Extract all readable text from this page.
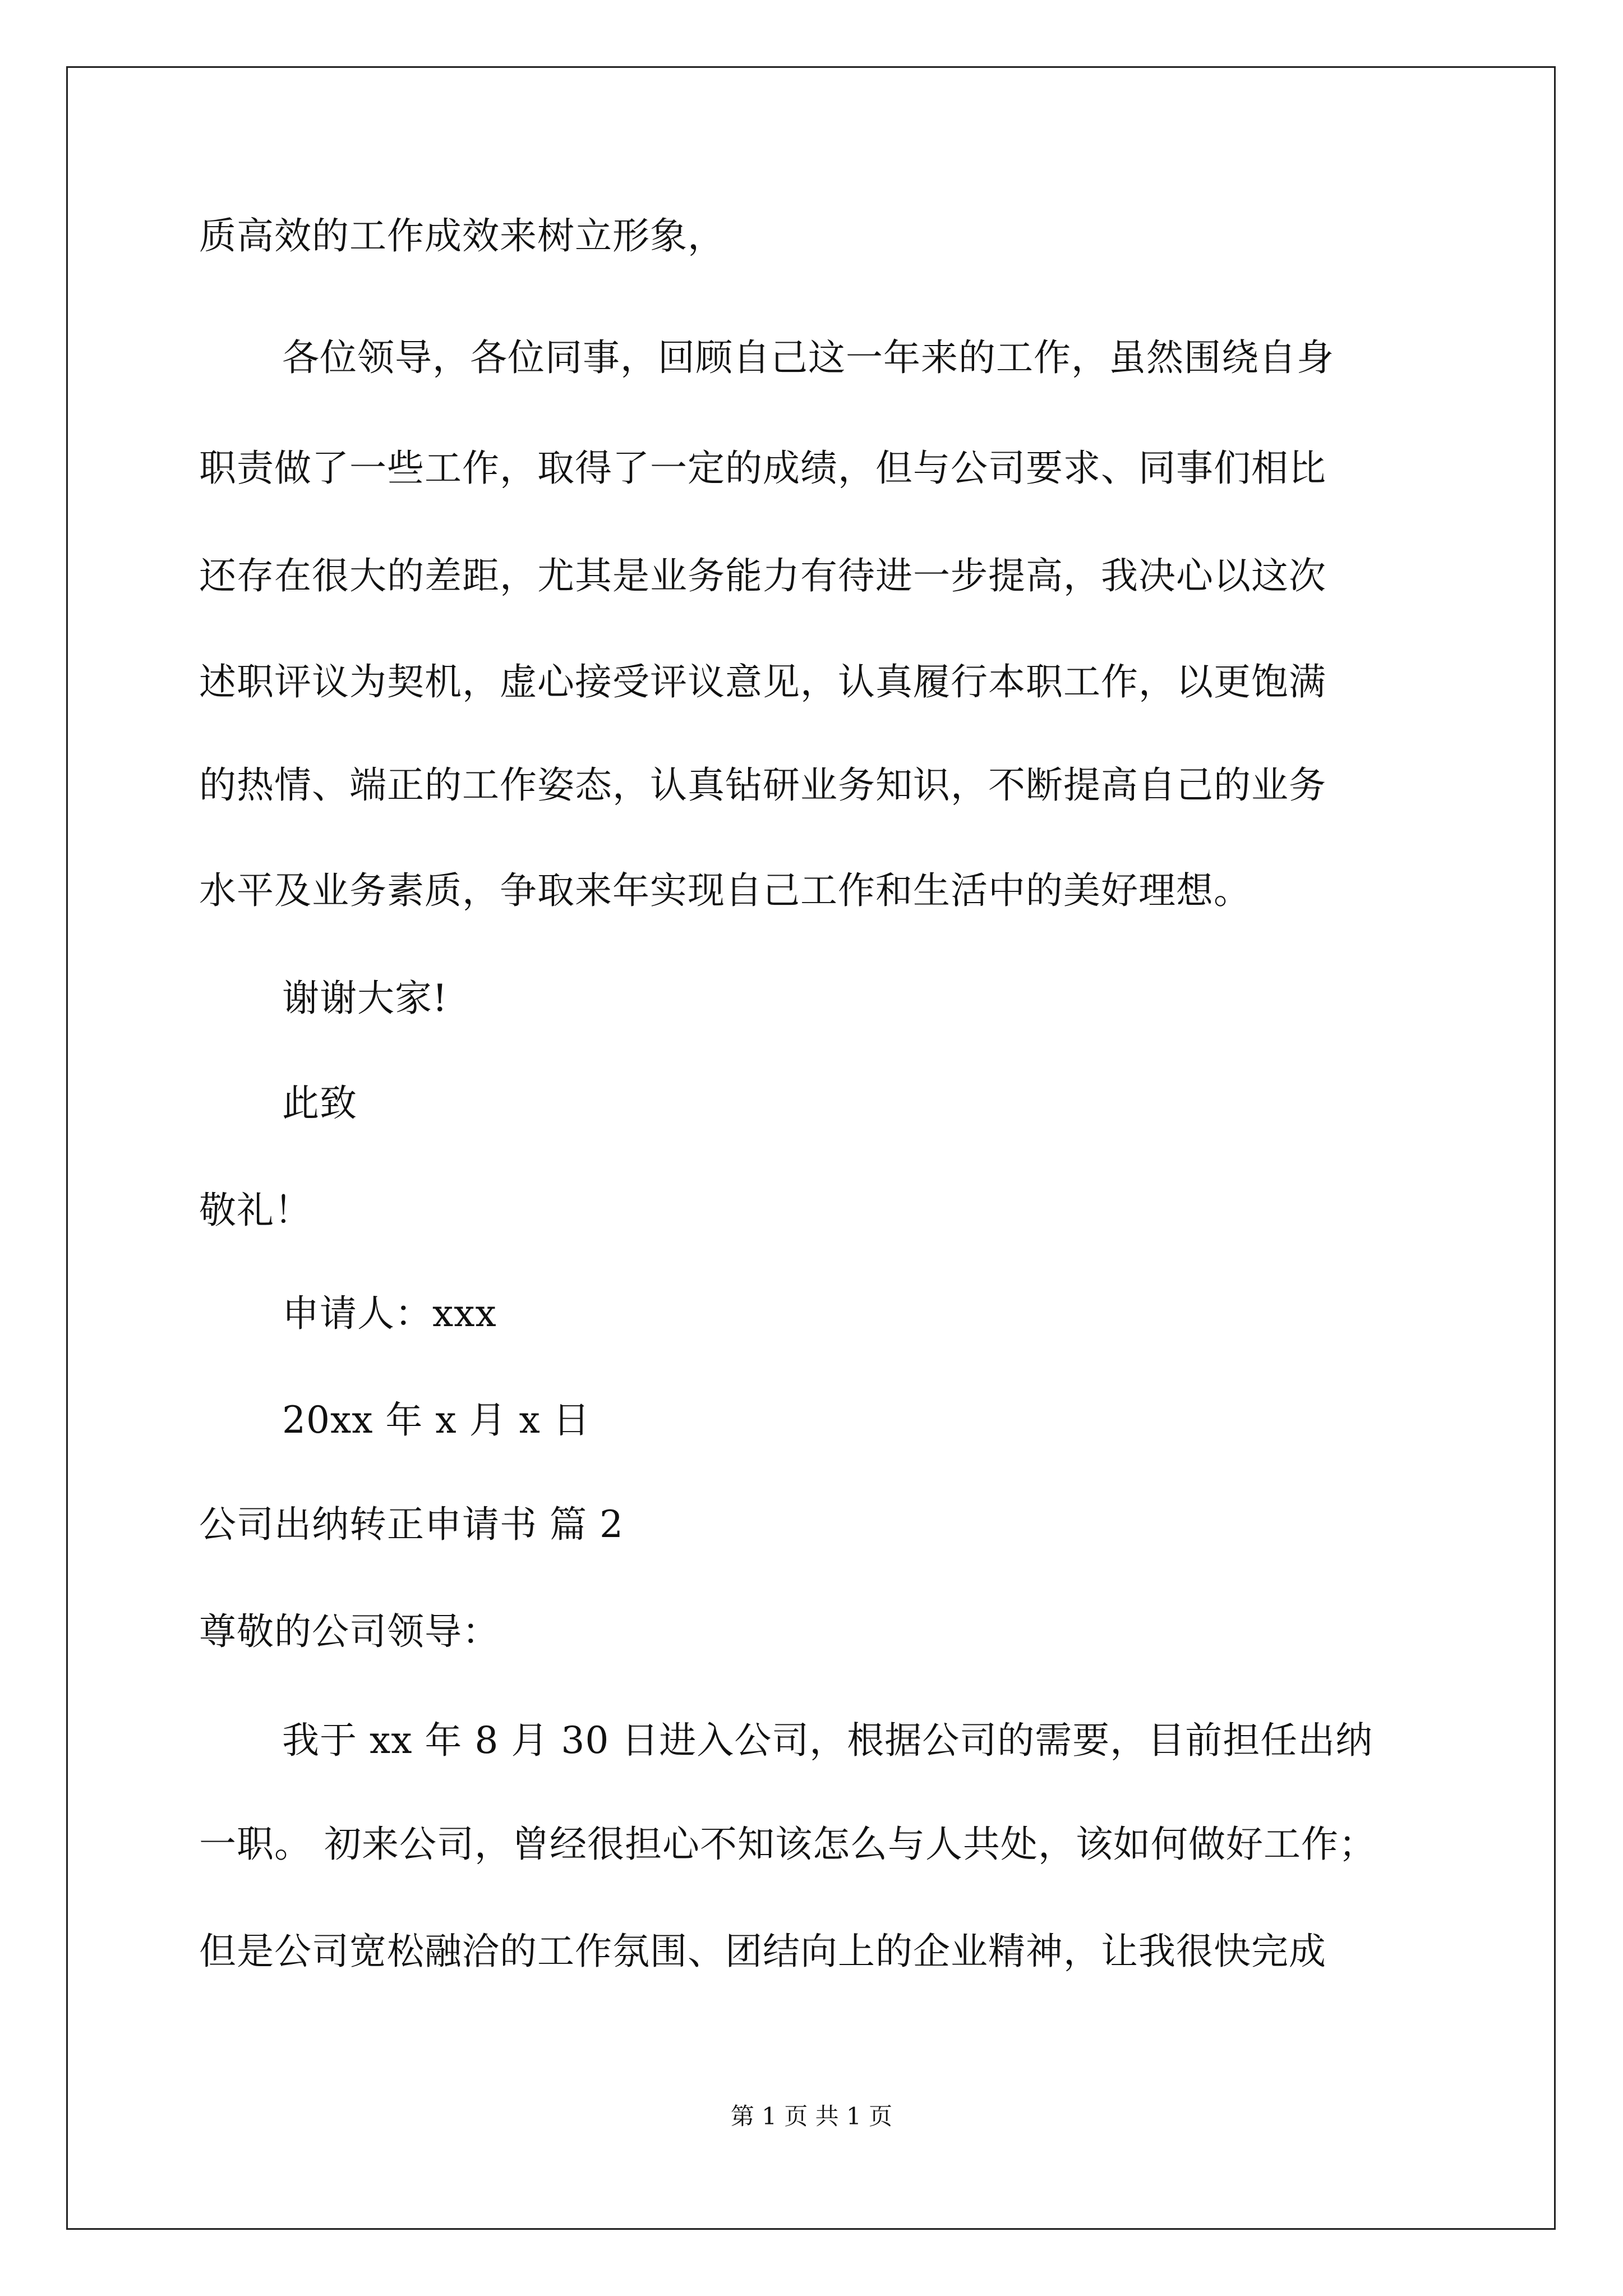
质高效的工作成效来树立形象，
各位领导，各位同事，回顾自己这一年来的工作，虽然围绕自身
职责做了一些工作，取得了一定的成绩，但与公司要求、同事们相比
还存在很大的差距，尤其是业务能力有待进一步提高，我决心以这次
述职评议为契机，虚心接受评议意见，认真履行本职工作，以更饱满
的热情、端正的工作姿态，认真钻研业务知识，不断提高自己的业务
水平及业务素质，争取来年实现自己工作和生活中的美好理想。
谢谢大家!
此致
敬礼！
申请人：xxx
20xx 年 x 月 x 日
公司出纳转正申请书 篇 2
尊敬的公司领导：
我于 xx 年 8 月 30 日进入公司，根据公司的需要，目前担任出纳
一职。 初来公司，曾经很担心不知该怎么与人共处，该如何做好工作；
但是公司宽松融洽的工作氛围、团结向上的企业精神，让我很快完成
第 1 页 共 1 页
